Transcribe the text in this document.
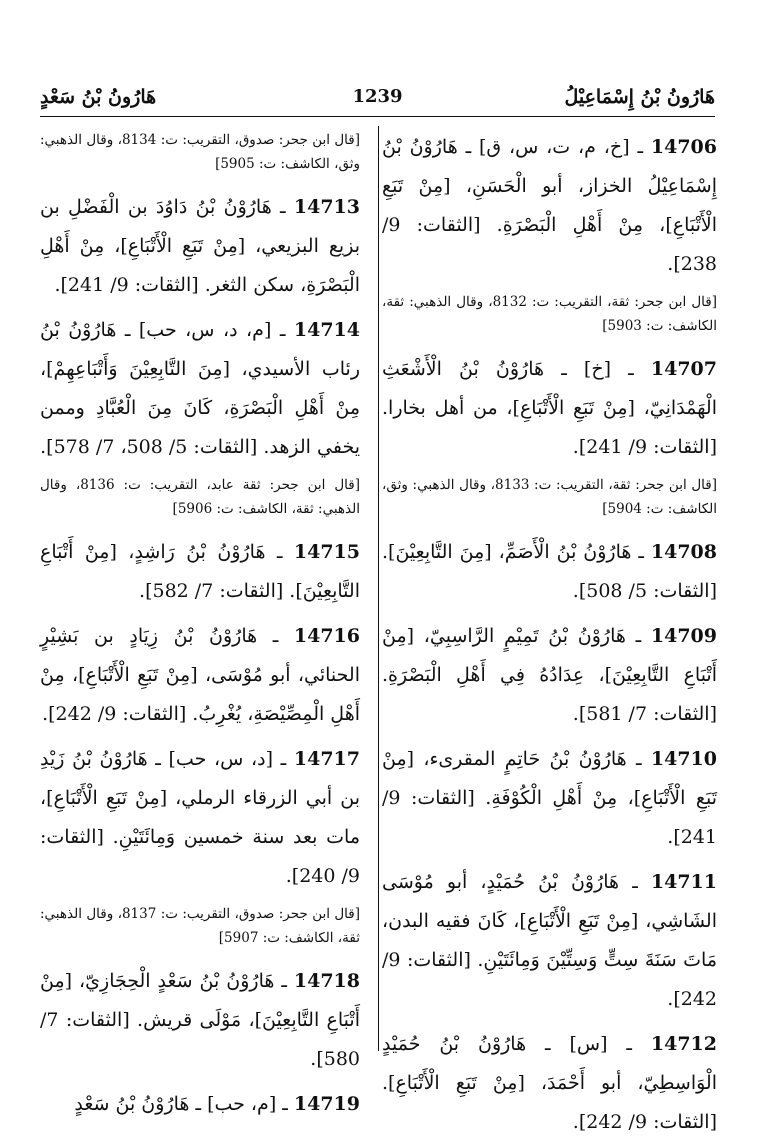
هَارُونُ بْنُ إِسْمَاعِيْلُ
1239
هَارُونُ بْنُ سَعْدٍ

14706 ـ [خ، م، ت، س، ق] ـ هَارُوْنُ بْنُ إِسْمَاعِيْلُ الخزاز، أبو الْحَسَنِ، [مِنْ تَبَعِ الْأَتْبَاعِ]، مِنْ أَهْلِ الْبَصْرَةِ. [الثقات: 9/ 238].

[قال ابن جحر: ثقة، التقريب: ت: 8132، وقال الذهبي: ثقة، الكاشف: ت: 5903]

14707 ـ [خ] ـ هَارُوْنُ بْنُ الْأَشْعَثِ الْهَمْدَانِيّ، [مِنْ تَبَعِ الْأَتْبَاعِ]، من أهل بخارا. [الثقات: 9/ 241].

[قال ابن جحر: ثقة، التقريب: ت: 8133، وقال الذهبي: وثق، الكاشف: ت: 5904]

14708 ـ هَارُوْنُ بْنُ الْأَصَمِّ، [مِنَ التَّابِعِيْنَ]. [الثقات: 5/ 508].

14709 ـ هَارُوْنُ بْنُ تَمِيْمٍ الرَّاسِبِيّ، [مِنْ أَتْبَاعِ التَّابِعِيْنَ]، عِدَادُهُ فِي أَهْلِ الْبَصْرَةِ. [الثقات: 7/ 581].

14710 ـ هَارُوْنُ بْنُ حَاتِمٍ المقرىء، [مِنْ تَبَعِ الْأَتْبَاعِ]، مِنْ أَهْلِ الْكُوْفَةِ. [الثقات: 9/ 241].

14711 ـ هَارُوْنُ بْنُ حُمَيْدٍ، أبو مُوْسَى الشَاشِي، [مِنْ تَبَعِ الْأَتْبَاعِ]، كَانَ فقيه البدن، مَاتَ سَنَةَ سِتٍّ وَسِتِّيْنَ وَمِائَتَيْنِ. [الثقات: 9/ 242].

14712 ـ [س] ـ هَارُوْنُ بْنُ حُمَيْدٍ الْوَاسِطِيّ، أبو أَحْمَدَ، [مِنْ تَبَعِ الْأَتْبَاعِ]. [الثقات: 9/ 242].

[قال ابن جحر: صدوق، التقريب: ت: 8134، وقال الذهبي: وثق، الكاشف: ت: 5905]

14713 ـ هَارُوْنُ بْنُ دَاوُدَ بن الْفَضْلِ بن بزيع البزيعي، [مِنْ تَبَعِ الْأَتْبَاعِ]، مِنْ أَهْلِ الْبَصْرَةِ، سكن الثغر. [الثقات: 9/ 241].

14714 ـ [م، د، س، حب] ـ هَارُوْنُ بْنُ رئاب الأسيدي، [مِنَ التَّابِعِيْنَ وَأَتْبَاعِهِمْ]، مِنْ أَهْلِ الْبَصْرَةِ، كَانَ مِنَ الْعُبَّادِ وممن يخفي الزهد. [الثقات: 5/ 508، 7/ 578].

[قال ابن جحر: ثقة عابد، التقريب: ت: 8136، وقال الذهبي: ثقة، الكاشف: ت: 5906]

14715 ـ هَارُوْنُ بْنُ رَاشِدٍ، [مِنْ أَتْبَاعِ التَّابِعِيْنَ]. [الثقات: 7/ 582].

14716 ـ هَارُوْنُ بْنُ زِيَادٍ بن بَشِيْرٍ الحنائي، أبو مُوْسَى، [مِنْ تَبَعِ الْأَتْبَاعِ]، مِنْ أَهْلِ الْمِصِّيْصَةِ، يُغْرِبُ. [الثقات: 9/ 242].

14717 ـ [د، س، حب] ـ هَارُوْنُ بْنُ زَيْدِ بن أبي الزرقاء الرملي، [مِنْ تَبَعِ الْأَتْبَاعِ]، مات بعد سنة خمسين وَمِائَتَيْنِ. [الثقات: 9/ 240].

[قال ابن جحر: صدوق، التقريب: ت: 8137، وقال الذهبي: ثقة، الكاشف: ت: 5907]

14718 ـ هَارُوْنُ بْنُ سَعْدٍ الْحِجَازِيّ، [مِنْ أَتْبَاعِ التَّابِعِيْنَ]، مَوْلَى قريش. [الثقات: 7/ 580].

14719 ـ [م، حب] ـ هَارُوْنُ بْنُ سَعْدٍ
